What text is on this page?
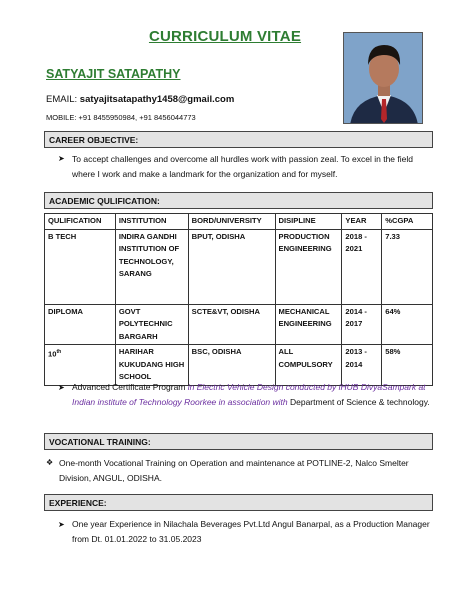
CURRICULUM VITAE
SATYAJIT SATAPATHY
EMAIL: satyajitsatapathy1458@gmail.com
MOBILE: +91 8455950984, +91 8456044773
CAREER OBJECTIVE:
➤ To accept challenges and overcome all hurdles work with passion zeal. To excel in the field where I work and make a landmark for the organization and for myself.
ACADEMIC QULIFICATION:
QULIFICATION	INSTITUTION	BORD/UNIVERSITY	DISIPLINE	YEAR	%CGPA
B TECH	INDIRA GANDHI INSTITUTION OF TECHNOLOGY, SARANG	BPUT, ODISHA	PRODUCTION ENGINEERING	2018 - 2021	7.33
DIPLOMA	GOVT POLYTECHNIC BARGARH	SCTE&VT, ODISHA	MECHANICAL ENGINEERING	2014 - 2017	64%
10th	HARIHAR KUKUDANG HIGH SCHOOL	BSC, ODISHA	ALL COMPULSORY	2013 - 2014	58%
➤ Advanced Certificate Program in Electric Vehicle Design conducted by iHUB DivyaSampark at Indian institute of Technology Roorkee in association with Department of Science & technology.
VOCATIONAL TRAINING:
❖ One-month Vocational Training on Operation and maintenance at POTLINE-2, Nalco Smelter Division, ANGUL, ODISHA.
EXPERIENCE:
➤ One year Experience in Nilachala Beverages Pvt.Ltd Angul Banarpal, as a Production Manager from Dt. 01.01.2022 to 31.05.2023
